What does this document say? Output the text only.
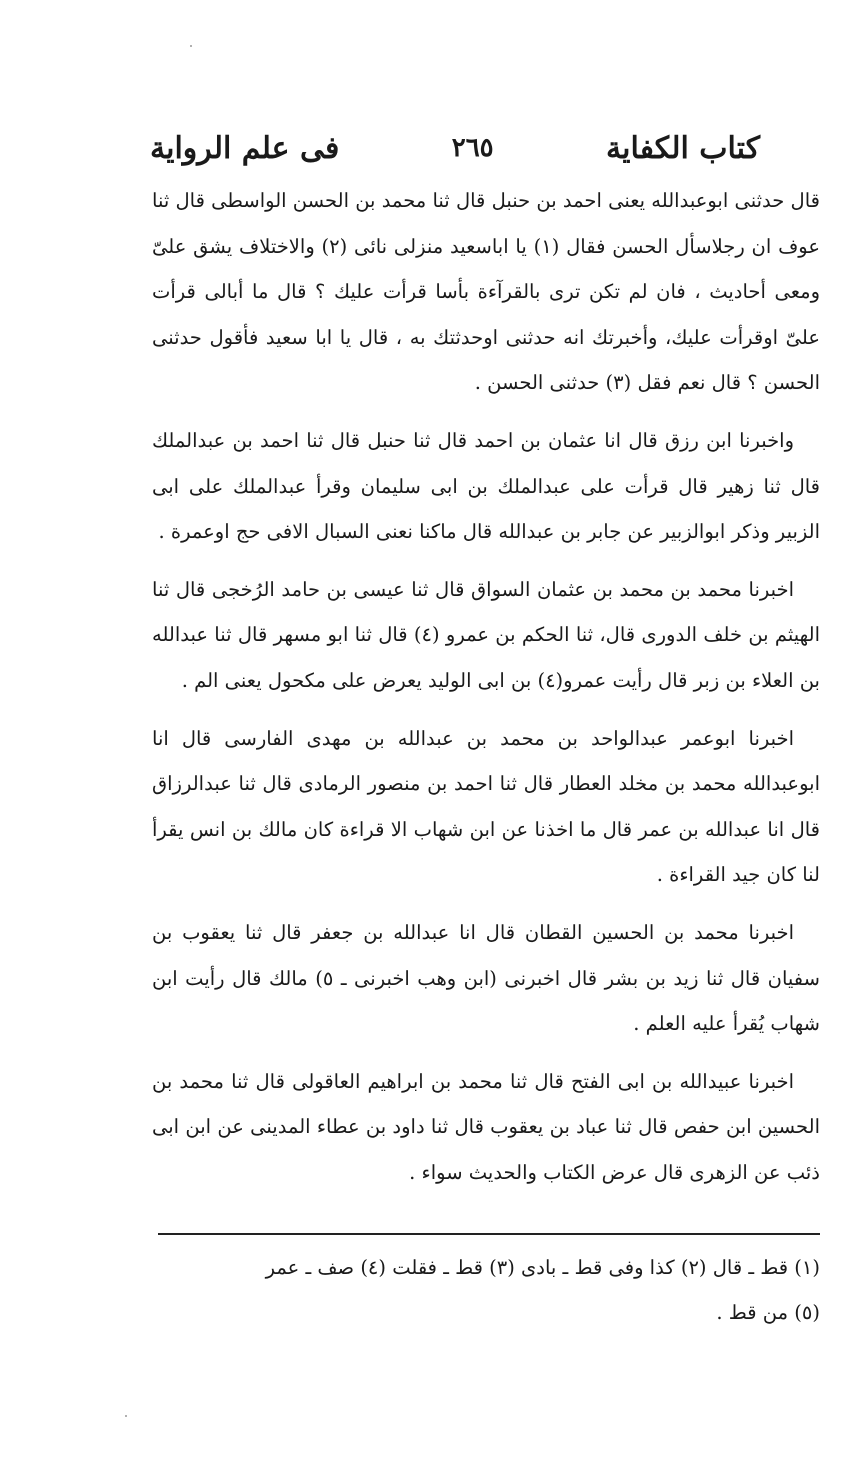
كتاب الكفاية
٢٦٥
فى علم الرواية

قال حدثنى ابوعبدالله يعنى احمد بن حنبل قال ثنا محمد بن الحسن الواسطى قال ثنا عوف ان رجلاسأل الحسن فقال (١) يا اباسعيد منزلى نائى (٢) والاختلاف يشق علىّ ومعى أحاديث ، فان لم تكن ترى بالقرآءة بأسا قرأت عليك ؟ قال ما أبالى قرأت علىّ اوقرأت عليك، وأخبرتك انه حدثنى اوحدثتك به ، قال يا ابا سعيد فأقول حدثنى الحسن ؟ قال نعم فقل (٣) حدثنى الحسن .

واخبرنا ابن رزق قال انا عثمان بن احمد قال ثنا حنبل قال ثنا احمد بن عبدالملك قال ثنا زهير قال قرأت على عبدالملك بن ابى سليمان وقرأ عبدالملك على ابى الزبير وذكر ابوالزبير عن جابر بن عبدالله قال ماكنا نعنى السبال الافى حج اوعمرة .

اخبرنا محمد بن محمد بن عثمان السواق قال ثنا عيسى بن حامد الرُخجى قال ثنا الهيثم بن خلف الدورى قال، ثنا الحكم بن عمرو (٤) قال ثنا ابو مسهر قال ثنا عبدالله بن العلاء بن زبر قال رأيت عمرو(٤) بن ابى الوليد يعرض على مكحول يعنى الم .

اخبرنا ابوعمر عبدالواحد بن محمد بن عبدالله بن مهدى الفارسى قال انا ابوعبدالله محمد بن مخلد العطار قال ثنا احمد بن منصور الرمادى قال ثنا عبدالرزاق قال انا عبدالله بن عمر قال ما اخذنا عن ابن شهاب الا قراءة كان مالك بن انس يقرأ لنا كان جيد القراءة .

اخبرنا محمد بن الحسين القطان قال انا عبدالله بن جعفر قال ثنا يعقوب بن سفيان قال ثنا زيد بن بشر قال اخبرنى (ابن وهب اخبرنى ـ ٥) مالك قال رأيت ابن شهاب يُقرأ عليه العلم .

اخبرنا عبيدالله بن ابى الفتح قال ثنا محمد بن ابراهيم العاقولى قال ثنا محمد بن الحسين ابن حفص قال ثنا عباد بن يعقوب قال ثنا داود بن عطاء المدينى عن ابن ابى ذئب عن الزهرى قال عرض الكتاب والحديث سواء .

(١) قط ـ قال (٢) كذا وفى قط ـ بادى (٣) قط ـ فقلت (٤) صف ـ عمر

(٥) من قط .
